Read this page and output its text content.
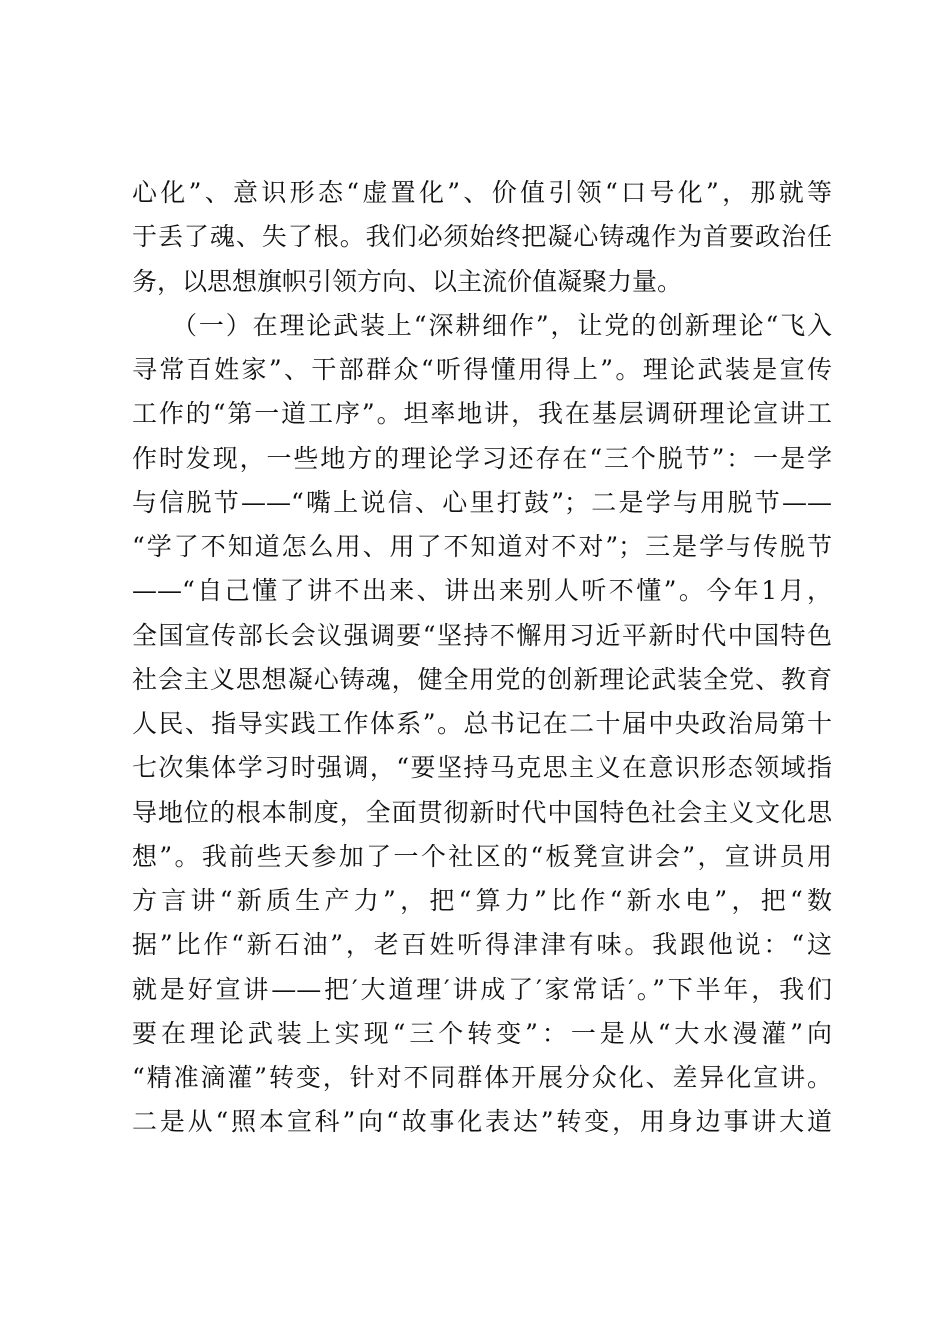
心化”、意识形态“虚置化”、价值引领“口号化”，那就等
于丢了魂、失了根。我们必须始终把凝心铸魂作为首要政治任
务，以思想旗帜引领方向、以主流价值凝聚力量。
（一）在理论武装上“深耕细作”，让党的创新理论“飞入
寻常百姓家”、干部群众“听得懂用得上”。理论武装是宣传
工作的“第一道工序”。坦率地讲，我在基层调研理论宣讲工
作时发现，一些地方的理论学习还存在“三个脱节”：一是学
与信脱节——“嘴上说信、心里打鼓”；二是学与用脱节——
“学了不知道怎么用、用了不知道对不对”；三是学与传脱节
——“自己懂了讲不出来、讲出来别人听不懂”。今年1月，
全国宣传部长会议强调要“坚持不懈用习近平新时代中国特色
社会主义思想凝心铸魂，健全用党的创新理论武装全党、教育
人民、指导实践工作体系”。总书记在二十届中央政治局第十
七次集体学习时强调，“要坚持马克思主义在意识形态领域指
导地位的根本制度，全面贯彻新时代中国特色社会主义文化思
想”。我前些天参加了一个社区的“板凳宣讲会”，宣讲员用
方言讲“新质生产力”，把“算力”比作“新水电”，把“数
据”比作“新石油”，老百姓听得津津有味。我跟他说：“这
就是好宣讲——把′大道理′讲成了′家常话′。”下半年，我们
要在理论武装上实现“三个转变”：一是从“大水漫灌”向
“精准滴灌”转变，针对不同群体开展分众化、差异化宣讲。
二是从“照本宣科”向“故事化表达”转变，用身边事讲大道
